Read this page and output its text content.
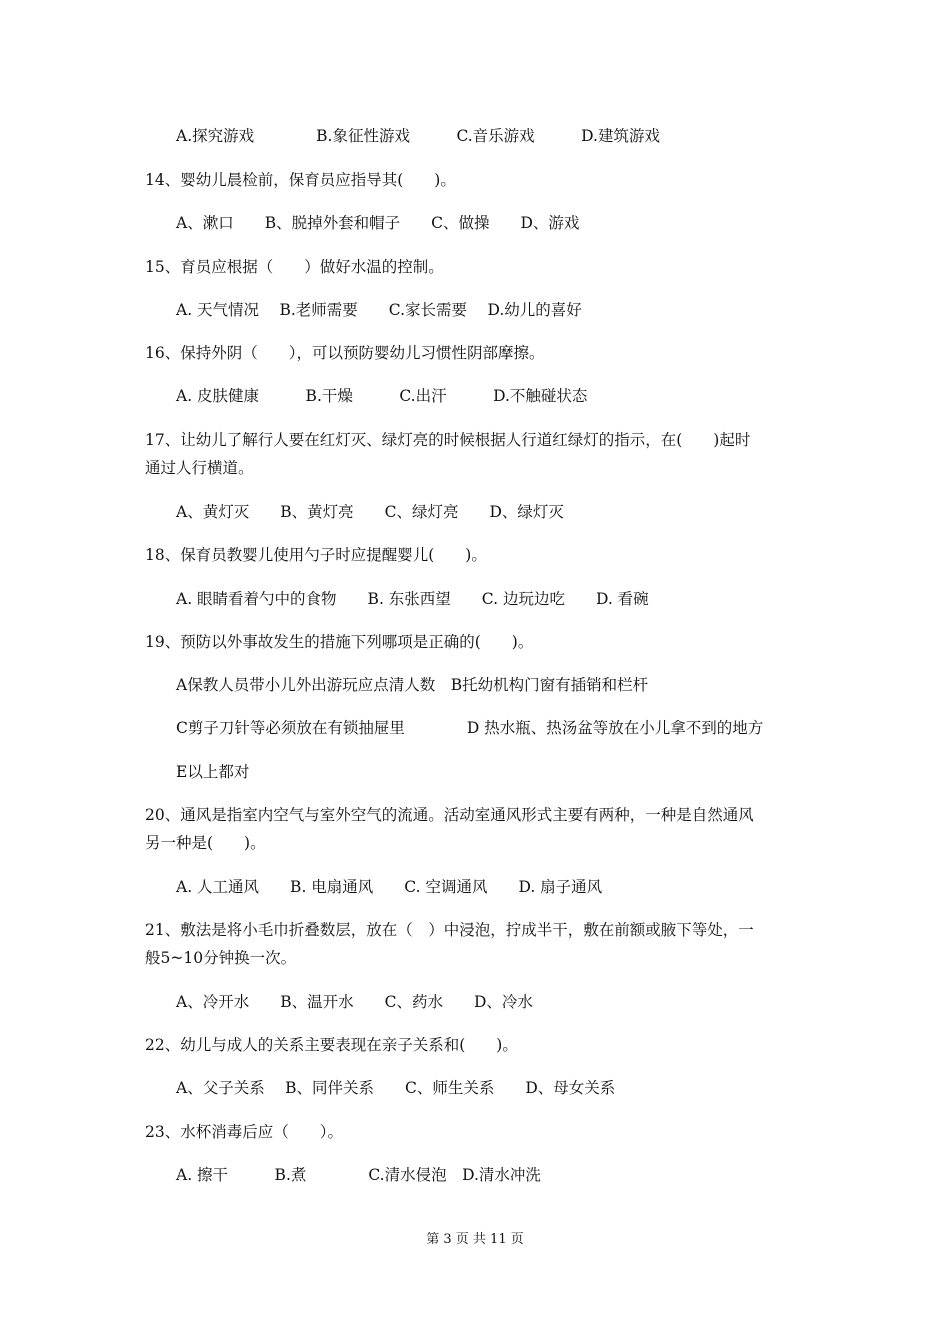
A.探究游戏　　　　B.象征性游戏　　　C.音乐游戏　　　D.建筑游戏
14、婴幼儿晨检前，保育员应指导其(　　)。
A、漱口　　B、脱掉外套和帽子　　C、做操　　D、游戏
15、育员应根据（　　）做好水温的控制。
A. 天气情况　 B.老师需要　　C.家长需要　 D.幼儿的喜好
16、保持外阴（　　），可以预防婴幼儿习惯性阴部摩擦。
A. 皮肤健康　　　B.干燥　　　C.出汗　　　D.不触碰状态
17、让幼儿了解行人要在红灯灭、绿灯亮的时候根据人行道红绿灯的指示，在(　　)起时
通过人行横道。
A、黄灯灭　　B、黄灯亮　　C、绿灯亮　　D、绿灯灭
18、保育员教婴儿使用勺子时应提醒婴儿(　　)。
A. 眼睛看着勺中的食物　　B. 东张西望　　C. 边玩边吃　　D. 看碗
19、预防以外事故发生的措施下列哪项是正确的(　　)。
A保教人员带小儿外出游玩应点清人数　B托幼机构门窗有插销和栏杆
C剪子刀针等必须放在有锁抽屉里　　　　D 热水瓶、热汤盆等放在小儿拿不到的地方
E以上都对
20、通风是指室内空气与室外空气的流通。活动室通风形式主要有两种，一种是自然通风
另一种是(　　)。
A. 人工通风　　B. 电扇通风　　C. 空调通风　　D. 扇子通风
21、敷法是将小毛巾折叠数层，放在（　）中浸泡，拧成半干，敷在前额或腋下等处，一
般5~10分钟换一次。
A、冷开水　　B、温开水　　C、药水　　D、冷水
22、幼儿与成人的关系主要表现在亲子关系和(　　)。
A、父子关系　 B、同伴关系　　C、师生关系　　D、母女关系
23、水杯消毒后应（　　）。
A. 擦干　　　B.煮　　　　C.清水侵泡　D.清水冲洗
第 3 页 共 11 页
